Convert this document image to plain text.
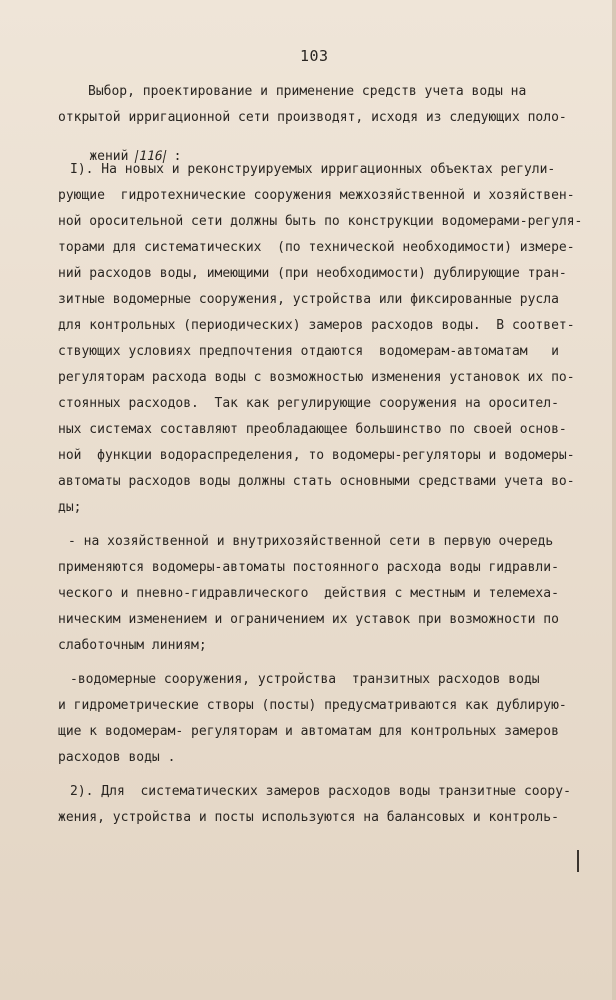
103
Выбор, проектирование и применение средств учета воды на
открытой ирригационной сети производят, исходя из следующих поло-

жений 116 :

I). На новых и реконструируемых ирригационных объектах регули-
рующие  гидротехнические сооружения межхозяйственной и хозяйствен-
ной оросительной сети должны быть по конструкции водомерами-регуля-
торами для систематических  (по технической необходимости) измере-
ний расходов воды, имеющими (при необходимости) дублирующие тран-
зитные водомерные сооружения, устройства или фиксированные русла
для контрольных (периодических) замеров расходов воды.  В соответ-
ствующих условиях предпочтения отдаются  водомерам-автоматам   и
регуляторам расхода воды с возможностью изменения установок их по-
стоянных расходов.  Так как регулирующие сооружения на оросител-
ных системах составляют преобладающее большинство по своей основ-
ной  функции водораспределения, то водомеры-регуляторы и водомеры-
автоматы расходов воды должны стать основными средствами учета во-
ды;
- на хозяйственной и внутрихозяйственной сети в первую очередь
применяются водомеры-автоматы постоянного расхода воды гидравли-
ческого и пневно-гидравлического  действия с местным и телемеха-
ническим изменением и ограничением их уставок при возможности по
слаботочным линиям;
-водомерные сооружения, устройства  транзитных расходов воды
и гидрометрические створы (посты) предусматриваются как дублирую-
щие к водомерам- регуляторам и автоматам для контрольных замеров
расходов воды .
2). Для  систематических замеров расходов воды транзитные соору-
жения, устройства и посты используются на балансовых и контроль-
